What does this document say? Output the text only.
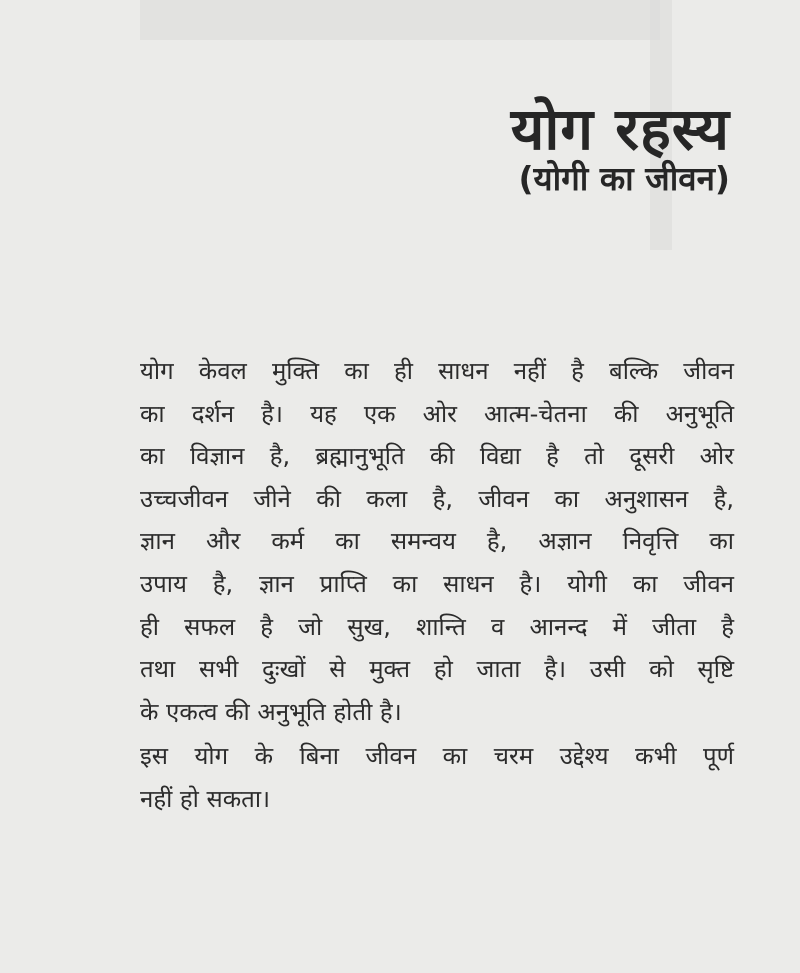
योग रहस्य
(योगी का जीवन)
योग केवल मुक्ति का ही साधन नहीं है बल्कि जीवन
का दर्शन है। यह एक ओर आत्म-चेतना की अनुभूति
का विज्ञान है, ब्रह्मानुभूति की विद्या है तो दूसरी ओर
उच्चजीवन जीने की कला है, जीवन का अनुशासन है,
ज्ञान और कर्म का समन्वय है, अज्ञान निवृत्ति का
उपाय है, ज्ञान प्राप्ति का साधन है। योगी का जीवन
ही सफल है जो सुख, शान्ति व आनन्द में जीता है
तथा सभी दुःखों से मुक्त हो जाता है। उसी को सृष्टि
के एकत्व की अनुभूति होती है।
इस योग के बिना जीवन का चरम उद्देश्य कभी पूर्ण
नहीं हो सकता।
